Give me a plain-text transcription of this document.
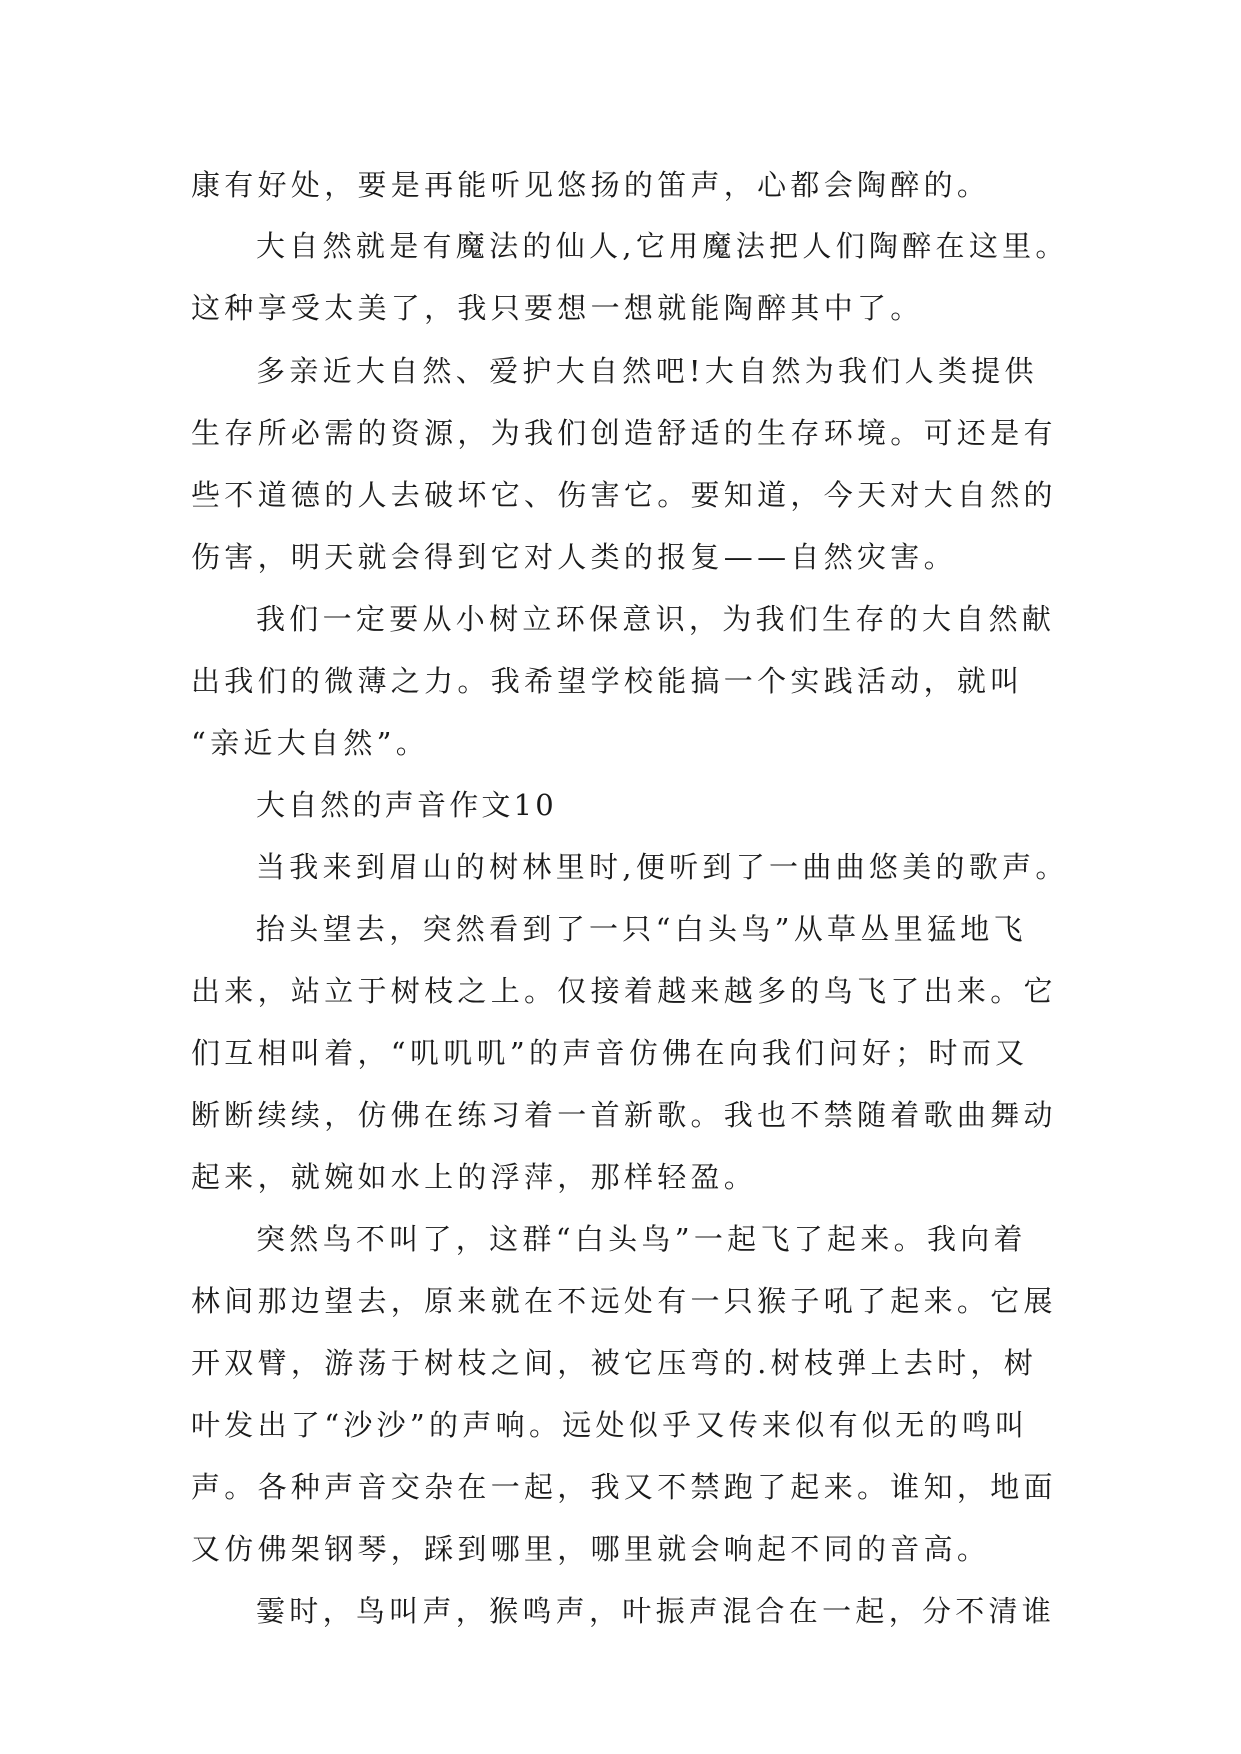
康有好处，要是再能听见悠扬的笛声，心都会陶醉的。
大自然就是有魔法的仙人,它用魔法把人们陶醉在这里。
这种享受太美了，我只要想一想就能陶醉其中了。
多亲近大自然、爱护大自然吧!大自然为我们人类提供
生存所必需的资源，为我们创造舒适的生存环境。可还是有
些不道德的人去破坏它、伤害它。要知道，今天对大自然的
伤害，明天就会得到它对人类的报复——自然灾害。
我们一定要从小树立环保意识，为我们生存的大自然献
出我们的微薄之力。我希望学校能搞一个实践活动，就叫
“亲近大自然”。
大自然的声音作文10
当我来到眉山的树林里时,便听到了一曲曲悠美的歌声。
抬头望去，突然看到了一只“白头鸟”从草丛里猛地飞
出来，站立于树枝之上。仅接着越来越多的鸟飞了出来。它
们互相叫着，“叽叽叽”的声音仿佛在向我们问好；时而又
断断续续，仿佛在练习着一首新歌。我也不禁随着歌曲舞动
起来，就婉如水上的浮萍，那样轻盈。
突然鸟不叫了，这群“白头鸟”一起飞了起来。我向着
林间那边望去，原来就在不远处有一只猴子吼了起来。它展
开双臂，游荡于树枝之间，被它压弯的.树枝弹上去时，树
叶发出了“沙沙”的声响。远处似乎又传来似有似无的鸣叫
声。各种声音交杂在一起，我又不禁跑了起来。谁知，地面
又仿佛架钢琴，踩到哪里，哪里就会响起不同的音高。
霎时，鸟叫声，猴鸣声，叶振声混合在一起，分不清谁
